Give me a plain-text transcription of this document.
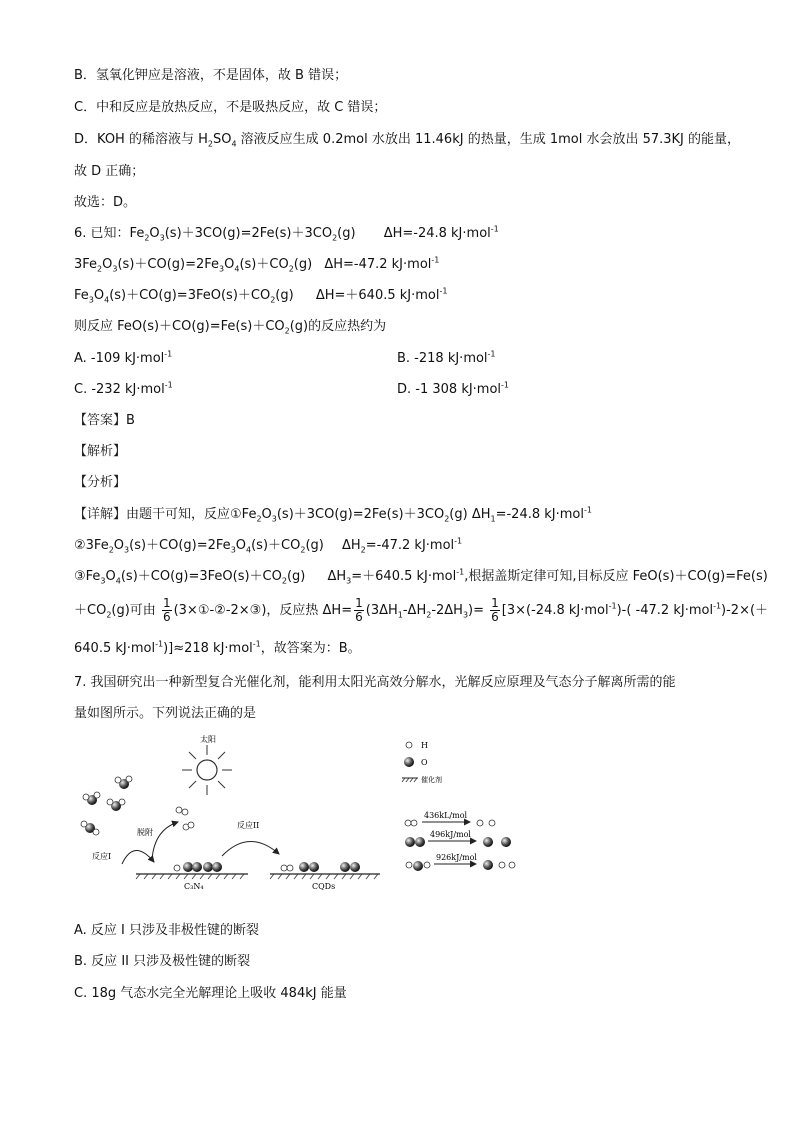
B．氢氧化钾应是溶液，不是固体，故 B 错误；
C．中和反应是放热反应，不是吸热反应，故 C 错误；
D．KOH 的稀溶液与 $H_2SO_4$ 溶液反应生成 0.2mol 水放出 11.46kJ 的热量，生成 1mol 水会放出 57.3KJ 的能量，
故 D 正确；
故选：D。
6. 已知：$Fe_2O_3(s)+3CO(g)=2Fe(s)+3CO_2(g)$ ΔH=-24.8 kJ·mol$^{-1}$
$3Fe_2O_3(s)+CO(g)=2Fe_3O_4(s)+CO_2(g)$ ΔH=-47.2 kJ·mol$^{-1}$
$Fe_3O_4(s)+CO(g)=3FeO(s)+CO_2(g)$ ΔH=＋640.5 kJ·mol$^{-1}$
则反应 $FeO(s)+CO(g)=Fe(s)+CO_2(g)$的反应热约为
A. -109 kJ·mol$^{-1}$	B. -218 kJ·mol$^{-1}$
C. -232 kJ·mol$^{-1}$	D. -1 308 kJ·mol$^{-1}$
【答案】B
【解析】
【分析】
【详解】由题干可知，反应$①Fe_2O_3(s)+3CO(g)=2Fe(s)+3CO_2(g)$ $\Delta H_1=-24.8$ kJ·mol$^{-1}$
$②3Fe_2O_3(s)+CO(g)=2Fe_3O_4(s)+CO_2(g)$ $\Delta H_2=-47.2$ kJ·mol$^{-1}$
$③Fe_3O_4(s)+CO(g)=3FeO(s)+CO_2(g)$ $\Delta H_3=+640.5$ kJ·mol$^{-1}$,根据盖斯定律可知,目标反应 FeO(s)＋CO(g)=Fe(s)
$+CO_2(g)$可由 $\frac{1}{6}$ (3×①-②-2×③)，反应热 $\Delta H= \frac{1}{6} (3\Delta H_1-\Delta H_2-2\Delta H_3)= \frac{1}{6} [3\times(-24.8$ kJ·mol$^{-1}$)-( -47.2 kJ·mol$^{-1}$)-2×(＋
640.5 kJ·mol$^{-1}$)]≈218 kJ·mol$^{-1}$，故答案为：B。
7. 我国研究出一种新型复合光催化剂，能利用太阳光高效分解水，光解反应原理及气态分子解离所需的能
量如图所示。下列说法正确的是
太阳
反应I
脱附
反应II
C₃N₄	CQDs
H
O
催化剂
436kL/mol
496kJ/mol
926kJ/mol
A. 反应 I 只涉及非极性键的断裂
B. 反应 II 只涉及极性键的断裂
C. 18g 气态水完全光解理论上吸收 484kJ 能量
